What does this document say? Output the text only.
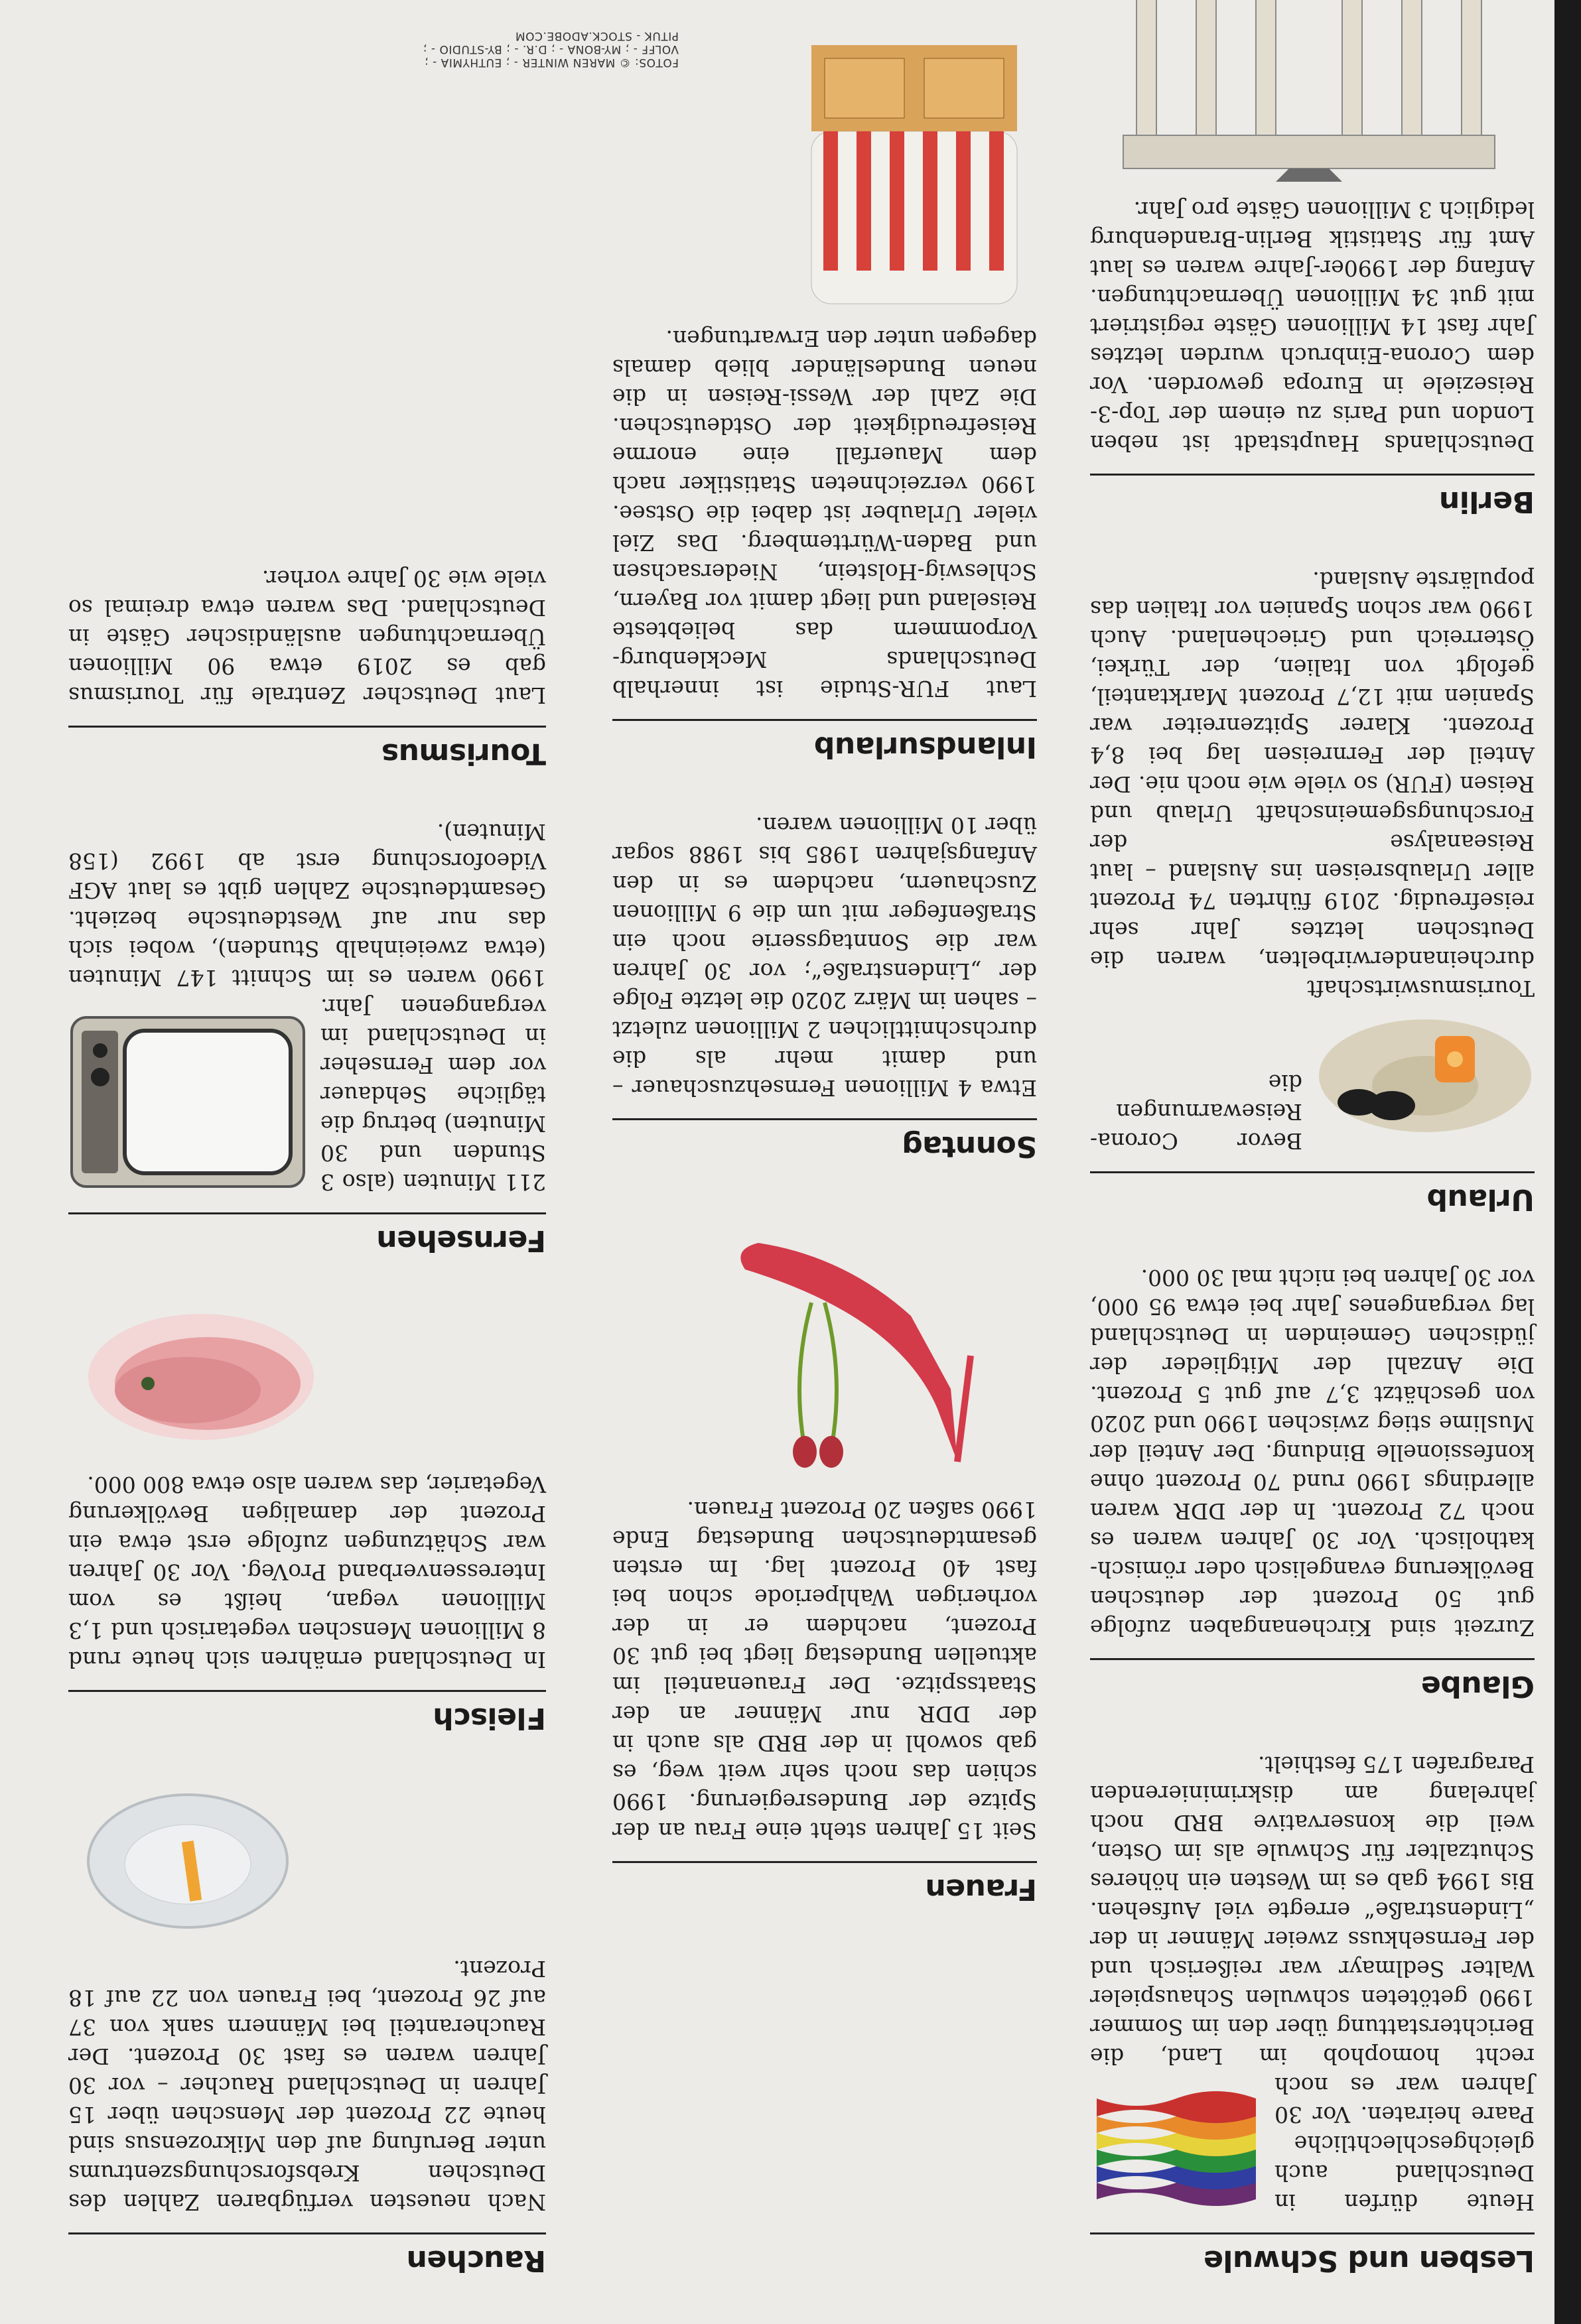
Lesben und Schwule

Heute dürfen in Deutschland auch gleichgeschlechtliche Paare heiraten. Vor 30 Jahren war es noch recht homophob im Land, die Berichterstattung über den im Sommer 1990 getöteten schwulen Schauspieler Walter Sedlmayr war reißerisch und der Fernsehkuss zweier Männer in der „Lindenstraße“ erregte viel Aufsehen. Bis 1994 gab es im Westen ein höheres Schutzalter für Schwule als im Osten, weil die konservative BRD noch jahrelang am diskriminierenden Paragrafen 175 festhielt.

Glaube

Zurzeit sind Kirchenangaben zufolge gut 50 Prozent der deutschen Bevölkerung evangelisch oder römisch-katholisch. Vor 30 Jahren waren es noch 72 Prozent. In der DDR waren allerdings 1990 rund 70 Prozent ohne konfessionelle Bindung. Der Anteil der Muslime stieg zwischen 1990 und 2020 von geschätzt 3,7 auf gut 5 Prozent. Die Anzahl der Mitglieder der jüdischen Gemeinden in Deutschland lag vergangenes Jahr bei etwa 95 000, vor 30 Jahren bei nicht mal 30 000.

Urlaub

Bevor Corona-Reisewarnungen die Tourismuswirtschaft durcheinanderwirbelten, waren die Deutschen letztes Jahr sehr reisefreudig. 2019 führten 74 Prozent aller Urlaubsreisen ins Ausland – laut Reiseanalyse der Forschungsgemeinschaft Urlaub und Reisen (FUR) so viele wie noch nie. Der Anteil der Fernreisen lag bei 8,4 Prozent. Klarer Spitzenreiter war Spanien mit 12,7 Prozent Marktanteil, gefolgt von Italien, der Türkei, Österreich und Griechenland. Auch 1990 war schon Spanien vor Italien das populärste Ausland.

Berlin

Deutschlands Hauptstadt ist neben London und Paris zu einem der Top-3-Reiseziele in Europa geworden. Vor dem Corona-Einbruch wurden letztes Jahr fast 14 Millionen Gäste registriert mit gut 34 Millionen Übernachtungen. Anfang der 1990er-Jahre waren es laut Amt für Statistik Berlin-Brandenburg lediglich 3 Millionen Gäste pro Jahr.

Frauen

Seit 15 Jahren steht eine Frau an der Spitze der Bundesregierung. 1990 schien das noch sehr weit weg, es gab sowohl in der BRD als auch in der DDR nur Männer an der Staatsspitze. Der Frauenanteil im aktuellen Bundestag liegt bei gut 30 Prozent, nachdem er in der vorherigen Wahlperiode schon bei fast 40 Prozent lag. Im ersten gesamtdeutschen Bundestag Ende 1990 saßen 20 Prozent Frauen.

Sonntag

Etwa 4 Millionen Fernsehzuschauer – und damit mehr als die durchschnittlichen 2 Millionen zuletzt – sahen im März 2020 die letzte Folge der „Lindenstraße“; vor 30 Jahren war die Sonntagsserie noch ein Straßenfeger mit um die 9 Millionen Zuschauern, nachdem es in den Anfangsjahren 1985 bis 1988 sogar über 10 Millionen waren.

Inlandsurlaub

Laut FUR-Studie ist innerhalb Deutschlands Mecklenburg-Vorpommern das beliebteste Reiseland und liegt damit vor Bayern, Schleswig-Holstein, Niedersachsen und Baden-Württemberg. Das Ziel vieler Urlauber ist dabei die Ostsee. 1990 verzeichneten Statistiker nach dem Mauerfall eine enorme Reisefreudigkeit der Ostdeutschen. Die Zahl der Wessi-Reisen in die neuen Bundesländer blieb damals dagegen unter den Erwartungen.

Rauchen

Nach neuesten verfügbaren Zahlen des Deutschen Krebsforschungszentrums unter Berufung auf den Mikrozensus sind heute 22 Prozent der Menschen über 15 Jahren in Deutschland Raucher – vor 30 Jahren waren es fast 30 Prozent. Der Raucheranteil bei Männern sank von 37 auf 26 Prozent, bei Frauen von 22 auf 18 Prozent.

Fleisch

In Deutschland ernähren sich heute rund 8 Millionen Menschen vegetarisch und 1,3 Millionen vegan, heißt es vom Interessenverband ProVeg. Vor 30 Jahren war Schätzungen zufolge erst etwa ein Prozent der damaligen Bevölkerung Vegetarier, das waren also etwa 800 000.

Fernsehen

211 Minuten (also 3 Stunden und 30 Minuten) betrug die tägliche Sehdauer vor dem Fernseher in Deutschland im vergangenen Jahr. 1990 waren es im Schnitt 147 Minuten (etwa zweieinhalb Stunden), wobei sich das nur auf Westdeutsche bezieht. Gesamtdeutsche Zahlen gibt es laut AGF Videoforschung erst ab 1992 (158 Minuten).

Tourismus

Laut Deutscher Zentrale für Tourismus gab es 2019 etwa 90 Millionen Übernachtungen ausländischer Gäste in Deutschland. Das waren etwa dreimal so viele wie 30 Jahre vorher.

FOTOS: © MAREN WINTER - ; EUTHYMIA - ; VOLFF - ; MY-BONA - ; D.R. - ; BY-STUDIO - ; PITUK - STOCK.ADOBE.COM
